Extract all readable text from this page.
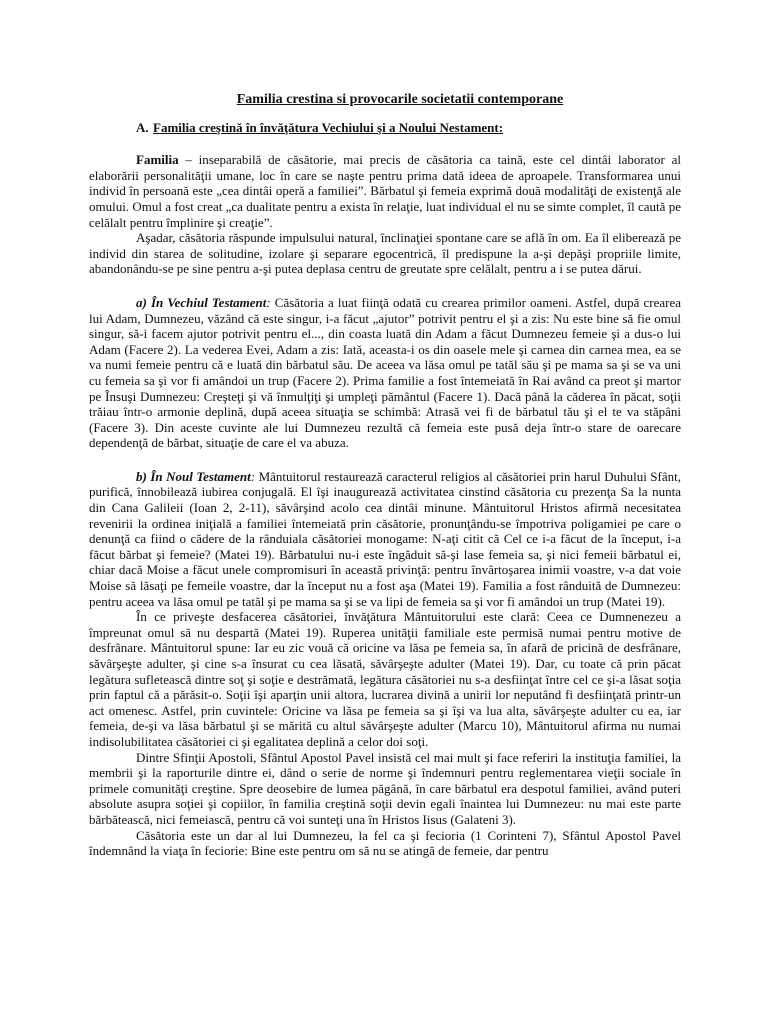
Familia crestina si provocarile societatii contemporane
A. Familia creştină în învăţătura Vechiului şi a Noului Nestament:

Familia – inseparabilă de căsătorie, mai precis de căsătoria ca taină, este cel dintâi laborator al elaborării personalităţii umane, loc în care se naşte pentru prima dată ideea de aproapele. Transformarea unui individ în persoană este „cea dintâi operă a familiei”. Bărbatul şi femeia exprimă două modalităţi de existenţă ale omului. Omul a fost creat „ca dualitate pentru a exista în relaţie, luat individual el nu se simte complet, îl caută pe celălalt pentru împlinire şi creaţie”.

Aşadar, căsătoria răspunde impulsului natural, înclinaţiei spontane care se află în om. Ea îl eliberează pe individ din starea de solitudine, izolare şi separare egocentrică, îl predispune la a-şi depăşi propriile limite, abandonându-se pe sine pentru a-şi putea deplasa centru de greutate spre celălalt, pentru a i se putea dărui.

a) În Vechiul Testament: Căsătoria a luat fiinţă odată cu crearea primilor oameni. Astfel, după crearea lui Adam, Dumnezeu, văzând că este singur, i-a făcut „ajutor” potrivit pentru el şi a zis: Nu este bine să fie omul singur, să-i facem ajutor potrivit pentru el..., din coasta luată din Adam a făcut Dumnezeu femeie şi a dus-o lui Adam (Facere 2). La vederea Evei, Adam a zis: Iată, aceasta-i os din oasele mele şi carnea din carnea mea, ea se va numi femeie pentru că e luată din bărbatul său. De aceea va lăsa omul pe tatăl său şi pe mama sa şi se va uni cu femeia sa şi vor fi amândoi un trup (Facere 2). Prima familie a fost întemeiată în Rai având ca preot şi martor pe Însuşi Dumnezeu: Creşteţi şi vă înmulţiţi şi umpleţi pământul (Facere 1). Dacă până la căderea în păcat, soţii trăiau într-o armonie deplină, după aceea situaţia se schimbă: Atrasă vei fi de bărbatul tău şi el te va stăpâni (Facere 3). Din aceste cuvinte ale lui Dumnezeu rezultă că femeia este pusă deja într-o stare de oarecare dependenţă de bărbat, situaţie de care el va abuza.

b) În Noul Testament: Mântuitorul restaurează caracterul religios al căsătoriei prin harul Duhului Sfânt, purifică, înnobilează iubirea conjugală. El îşi inaugurează activitatea cinstind căsătoria cu prezenţa Sa la nunta din Cana Galileii (Ioan 2, 2-11), săvârşind acolo cea dintâi minune. Mântuitorul Hristos afirmă necesitatea revenirii la ordinea iniţială a familiei întemeiată prin căsătorie, pronunţându-se împotriva poligamiei pe care o denunţă ca fiind o cădere de la rânduiala căsătoriei monogame: N-aţi citit că Cel ce i-a făcut de la început, i-a făcut bărbat şi femeie? (Matei 19). Bărbatului nu-i este îngăduit să-şi lase femeia sa, şi nici femeii bărbatul ei, chiar dacă Moise a făcut unele compromisuri în această privinţă: pentru învârtoşarea inimii voastre, v-a dat voie Moise să lăsaţi pe femeile voastre, dar la început nu a fost aşa (Matei 19). Familia a fost rânduită de Dumnezeu: pentru aceea va lăsa omul pe tatăl şi pe mama sa şi se va lipi de femeia sa şi vor fi amândoi un trup (Matei 19).

În ce priveşte desfacerea căsătoriei, învăţătura Mântuitorului este clară: Ceea ce Dumnenezeu a împreunat omul să nu despartă (Matei 19). Ruperea unităţii familiale este permisă numai pentru motive de desfrânare. Mântuitorul spune: Iar eu zic vouă că oricine va lăsa pe femeia sa, în afară de pricină de desfrânare, săvârşeşte adulter, şi cine s-a însurat cu cea lăsată, săvârşeşte adulter (Matei 19). Dar, cu toate că prin păcat legătura sufletească dintre soţ şi soţie e destrămată, legătura căsătoriei nu s-a desfiinţat între cel ce şi-a lăsat soţia prin faptul că a părăsit-o. Soţii îşi aparţin unii altora, lucrarea divină a unirii lor neputând fi desfiinţată printr-un act omenesc. Astfel, prin cuvintele: Oricine va lăsa pe femeia sa şi îşi va lua alta, săvârşeşte adulter cu ea, iar femeia, de-şi va lăsa bărbatul şi se mărită cu altul săvârşeşte adulter (Marcu 10), Mântuitorul afirma nu numai indisolubilitatea căsătoriei ci şi egalitatea deplină a celor doi soţi.

Dintre Sfinţii Apostoli, Sfântul Apostol Pavel insistă cel mai mult şi face referiri la instituţia familiei, la membrii şi la raporturile dintre ei, dând o serie de norme şi îndemnuri pentru reglementarea vieţii sociale în primele comunităţi creştine. Spre deosebire de lumea păgână, în care bărbatul era despotul familiei, având puteri absolute asupra soţiei şi copiilor, în familia creştină soţii devin egali înaintea lui Dumnezeu: nu mai este parte bărbătească, nici femeiască, pentru că voi sunteţi una în Hristos Iisus (Galateni 3).

Căsătoria este un dar al lui Dumnezeu, la fel ca şi fecioria (1 Corinteni 7), Sfântul Apostol Pavel îndemnând la viaţa în feciorie: Bine este pentru om să nu se atingă de femeie, dar pentru
